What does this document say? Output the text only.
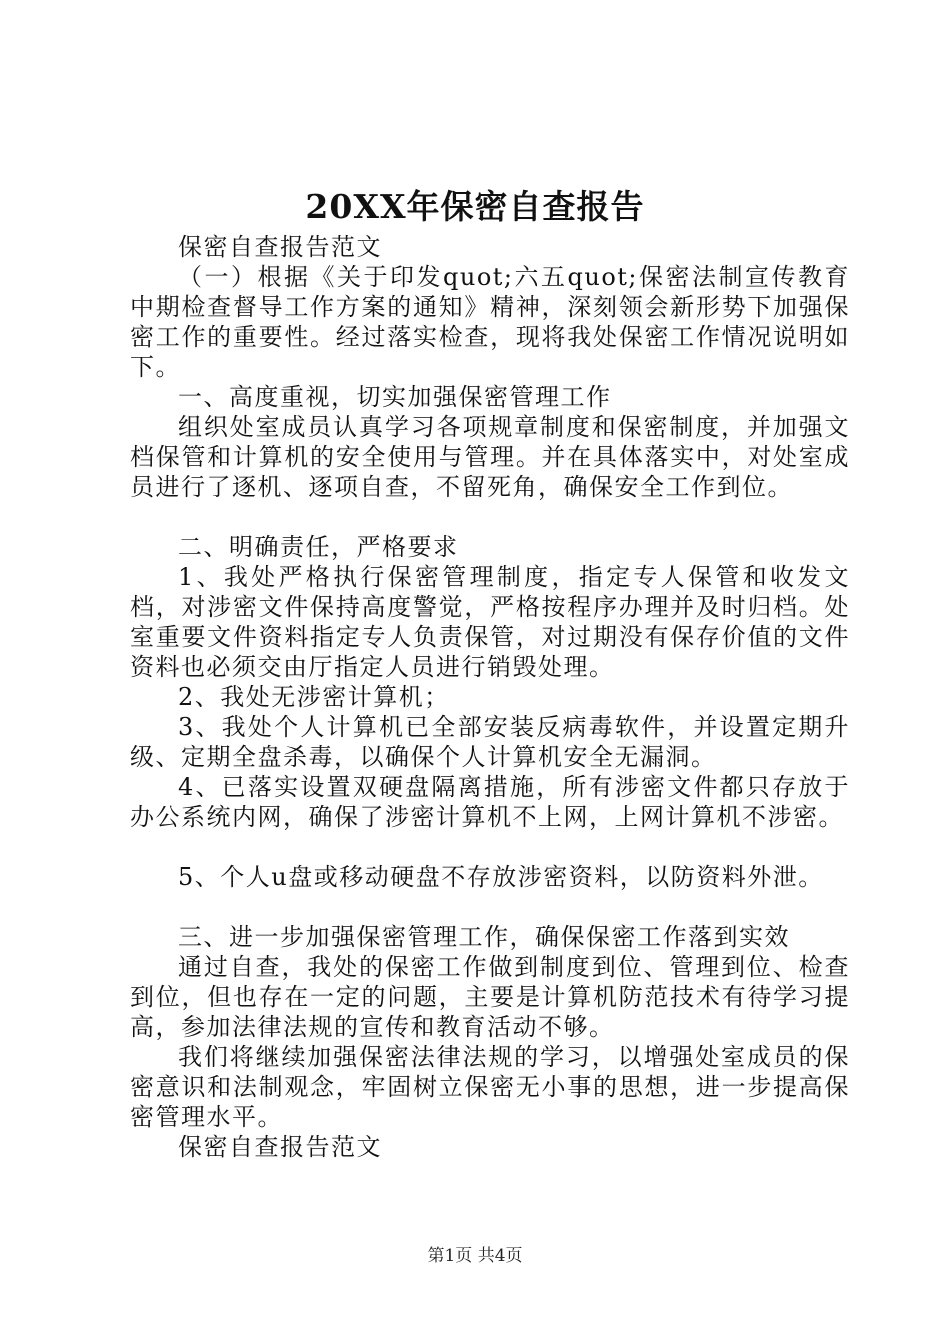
20XX年保密自查报告

保密自查报告范文

（一）根据《关于印发quot;六五quot;保密法制宣传教育中期检查督导工作方案的通知》精神，深刻领会新形势下加强保密工作的重要性。经过落实检查，现将我处保密工作情况说明如下。

一、高度重视，切实加强保密管理工作

组织处室成员认真学习各项规章制度和保密制度，并加强文档保管和计算机的安全使用与管理。并在具体落实中，对处室成员进行了逐机、逐项自查，不留死角，确保安全工作到位。

二、明确责任，严格要求

1、我处严格执行保密管理制度，指定专人保管和收发文档，对涉密文件保持高度警觉，严格按程序办理并及时归档。处室重要文件资料指定专人负责保管，对过期没有保存价值的文件资料也必须交由厅指定人员进行销毁处理。

2、我处无涉密计算机；

3、我处个人计算机已全部安装反病毒软件，并设置定期升级、定期全盘杀毒，以确保个人计算机安全无漏洞。

4、已落实设置双硬盘隔离措施，所有涉密文件都只存放于办公系统内网，确保了涉密计算机不上网，上网计算机不涉密。

5、个人u盘或移动硬盘不存放涉密资料，以防资料外泄。

三、进一步加强保密管理工作，确保保密工作落到实效

通过自查，我处的保密工作做到制度到位、管理到位、检查到位，但也存在一定的问题，主要是计算机防范技术有待学习提高，参加法律法规的宣传和教育活动不够。

我们将继续加强保密法律法规的学习，以增强处室成员的保密意识和法制观念，牢固树立保密无小事的思想，进一步提高保密管理水平。

保密自查报告范文

第1页 共4页
